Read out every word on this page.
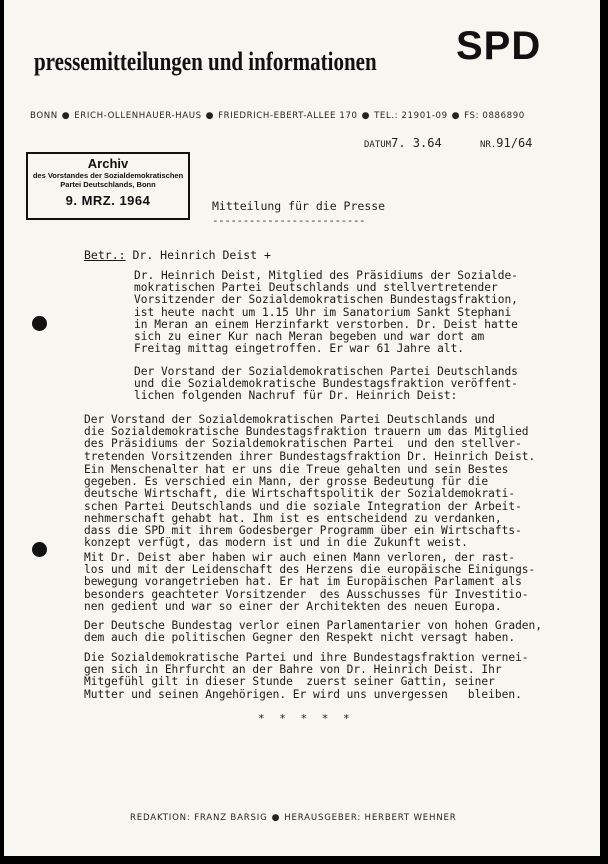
pressemitteilungen und informationen SPD
BONN ● ERICH-OLLENHAUER-HAUS ● FRIEDRICH-EBERT-ALLEE 170 ● TEL.: 21901-09 ● FS: 0886890
DATUM7. 3.64	NR.91/64
Archiv
des Vorstandes der Sozialdemokratischen
Partei Deutschlands, Bonn
9. MRZ. 1964	Mitteilung für die Presse
-------------------------
Betr.: Dr. Heinrich Deist +
Dr. Heinrich Deist, Mitglied des Präsidiums der Sozialde-
mokratischen Partei Deutschlands und stellvertretender
Vorsitzender der Sozialdemokratischen Bundestagsfraktion,
ist heute nacht um 1.15 Uhr im Sanatorium Sankt Stephani
in Meran an einem Herzinfarkt verstorben. Dr. Deist hatte
sich zu einer Kur nach Meran begeben und war dort am
Freitag mittag eingetroffen. Er war 61 Jahre alt.
Der Vorstand der Sozialdemokratischen Partei Deutschlands
und die Sozialdemokratische Bundestagsfraktion veröffent-
lichen folgenden Nachruf für Dr. Heinrich Deist:
Der Vorstand der Sozialdemokratischen Partei Deutschlands und
die Sozialdemokratische Bundestagsfraktion trauern um das Mitglied
des Präsidiums der Sozialdemokratischen Partei  und den stellver-
tretenden Vorsitzenden ihrer Bundestagsfraktion Dr. Heinrich Deist.
Ein Menschenalter hat er uns die Treue gehalten und sein Bestes
gegeben. Es verschied ein Mann, der grosse Bedeutung für die
deutsche Wirtschaft, die Wirtschaftspolitik der Sozialdemokrati-
schen Partei Deutschlands und die soziale Integration der Arbeit-
nehmerschaft gehabt hat. Ihm ist es entscheidend zu verdanken,
dass die SPD mit ihrem Godesberger Programm über ein Wirtschafts-
konzept verfügt, das modern ist und in die Zukunft weist.
Mit Dr. Deist aber haben wir auch einen Mann verloren, der rast-
los und mit der Leidenschaft des Herzens die europäische Einigungs-
bewegung vorangetrieben hat. Er hat im Europäischen Parlament als
besonders geachteter Vorsitzender  des Ausschusses für Investitio-
nen gedient und war so einer der Architekten des neuen Europa.
Der Deutsche Bundestag verlor einen Parlamentarier von hohen Graden,
dem auch die politischen Gegner den Respekt nicht versagt haben.
Die Sozialdemokratische Partei und ihre Bundestagsfraktion vernei-
gen sich in Ehrfurcht an der Bahre von Dr. Heinrich Deist. Ihr
Mitgefühl gilt in dieser Stunde  zuerst seiner Gattin, seiner
Mutter und seinen Angehörigen. Er wird uns unvergessen   bleiben.
* * * * *
REDAKTION: FRANZ BARSIG ● HERAUSGEBER: HERBERT WEHNER
